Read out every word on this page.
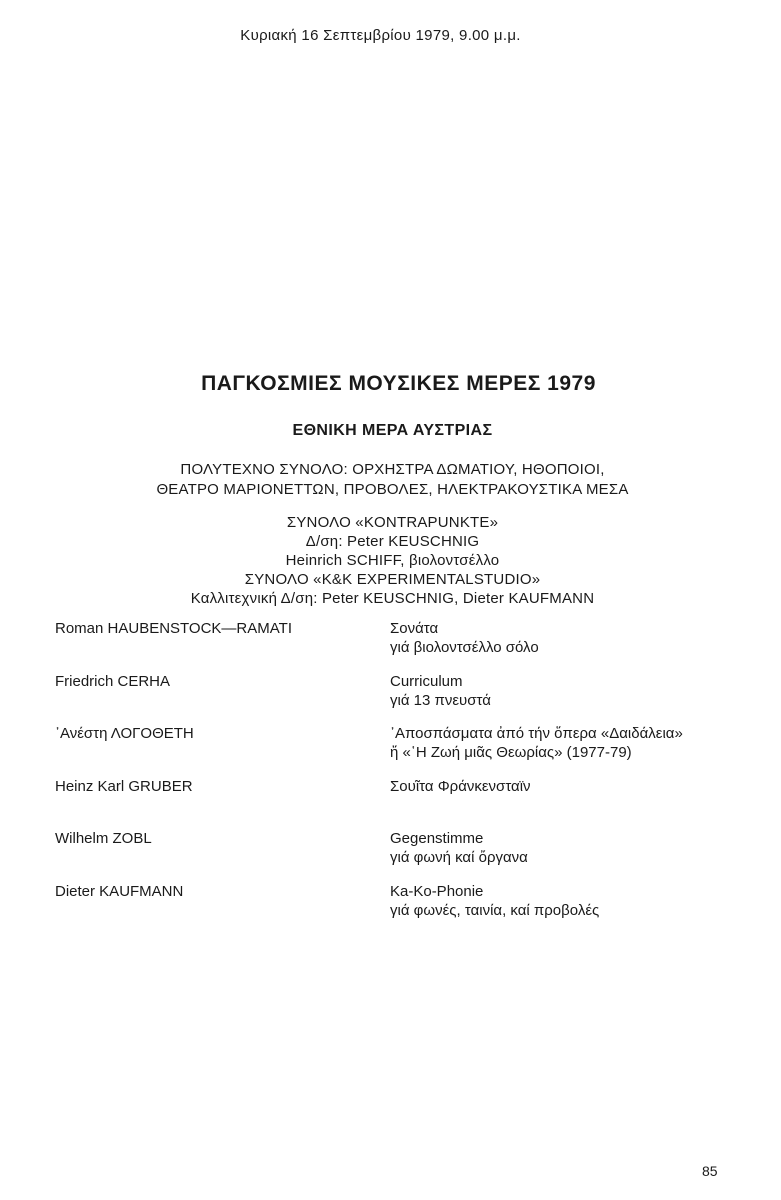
Κυριακή 16 Σεπτεμβρίου 1979, 9.00 μ.μ.
ΠΑΓΚΟΣΜΙΕΣ ΜΟΥΣΙΚΕΣ ΜΕΡΕΣ 1979
ΕΘΝΙΚΗ ΜΕΡΑ ΑΥΣΤΡΙΑΣ
ΠΟΛΥΤΕΧΝΟ ΣΥΝΟΛΟ: ΟΡΧΗΣΤΡΑ ΔΩΜΑΤΙΟΥ, ΗΘΟΠΟΙΟΙ,
ΘΕΑΤΡΟ ΜΑΡΙΟΝΕΤΤΩΝ, ΠΡΟΒΟΛΕΣ, ΗΛΕΚΤΡΑΚΟΥΣΤΙΚΑ ΜΕΣΑ
ΣΥΝΟΛΟ «KONTRAPUNKTE»
Δ/ση: Peter KEUSCHNIG
Heinrich SCHIFF, βιολοντσέλλο
ΣΥΝΟΛΟ «K&K EXPERIMENTALSTUDIO»
Καλλιτεχνική Δ/ση: Peter KEUSCHNIG, Dieter KAUFMANN
Roman HAUBENSTOCK—RAMATI	Σονάτα
γιά βιολοντσέλλο σόλο
Friedrich CERHA	Curriculum
γιά 13 πνευστά
᾿Ανέστη ΛΟΓΟΘΕΤΗ	᾿Αποσπάσματα ἀπό τήν ὅπερα «Δαιδάλεια»
ἤ «῾Η Ζωή μιᾶς Θεωρίας» (1977-79)
Heinz Karl GRUBER	Σουῖτα Φράνκενσταϊν
Wilhelm ZOBL	Gegenstimme
γιά φωνή καί ὄργανα
Dieter KAUFMANN	Ka-Ko-Phonie
γιά φωνές, ταινία, καί προβολές
85
